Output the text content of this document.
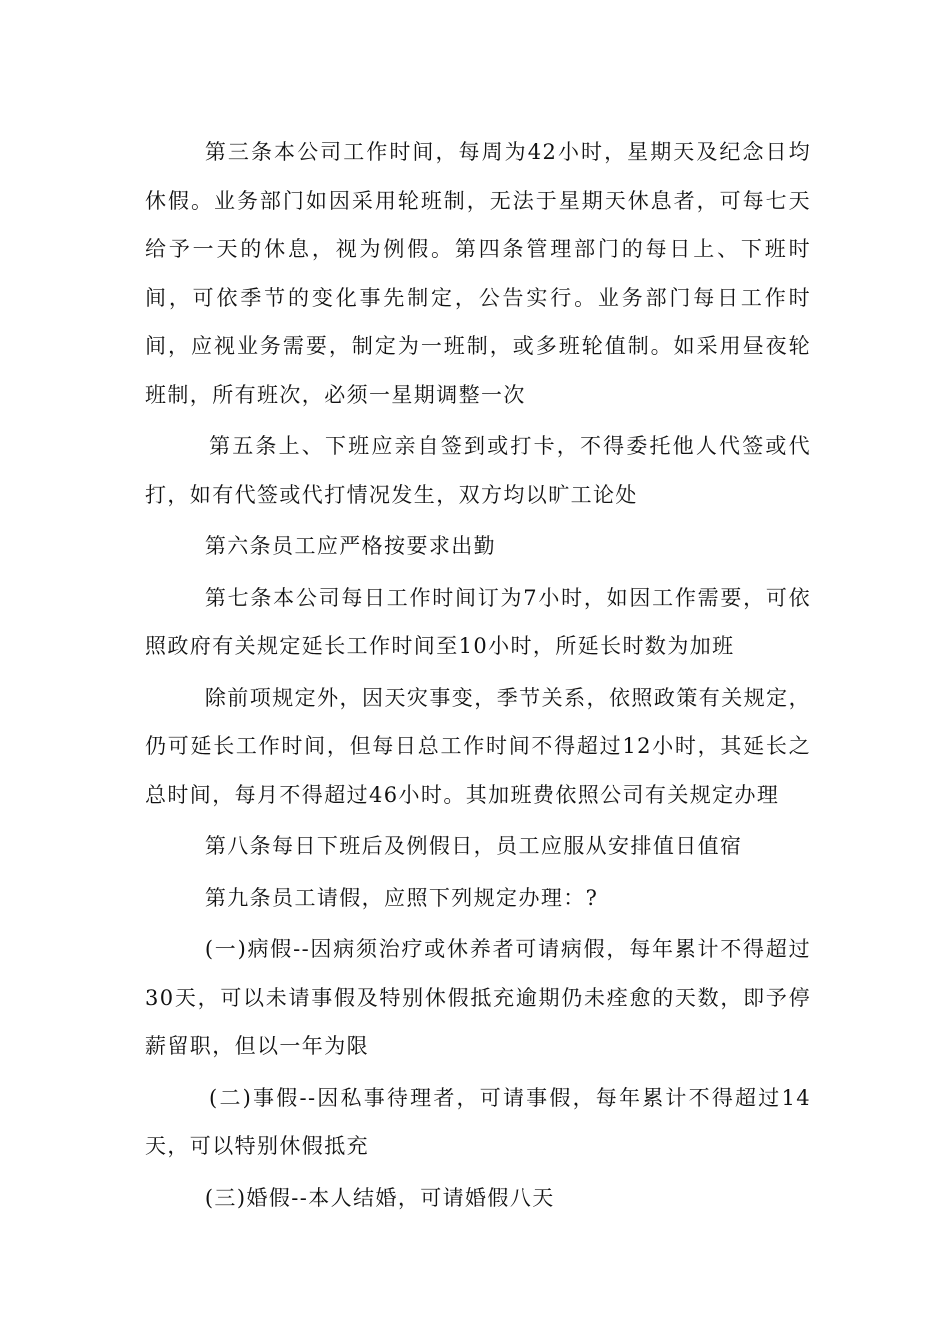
第三条本公司工作时间，每周为42小时，星期天及纪念日均休假。业务部门如因采用轮班制，无法于星期天休息者，可每七天给予一天的休息，视为例假。第四条管理部门的每日上、下班时间，可依季节的变化事先制定，公告实行。业务部门每日工作时间，应视业务需要，制定为一班制，或多班轮值制。如采用昼夜轮班制，所有班次，必须一星期调整一次

第五条上、下班应亲自签到或打卡，不得委托他人代签或代打，如有代签或代打情况发生，双方均以旷工论处

第六条员工应严格按要求出勤

第七条本公司每日工作时间订为7小时，如因工作需要，可依照政府有关规定延长工作时间至10小时，所延长时数为加班

除前项规定外，因天灾事变，季节关系，依照政策有关规定，仍可延长工作时间，但每日总工作时间不得超过12小时，其延长之总时间，每月不得超过46小时。其加班费依照公司有关规定办理

第八条每日下班后及例假日，员工应服从安排值日值宿

第九条员工请假，应照下列规定办理：?

(一)病假--因病须治疗或休养者可请病假，每年累计不得超过30天，可以未请事假及特别休假抵充逾期仍未痊愈的天数，即予停薪留职，但以一年为限

(二)事假--因私事待理者，可请事假，每年累计不得超过14天，可以特别休假抵充

(三)婚假--本人结婚，可请婚假八天
